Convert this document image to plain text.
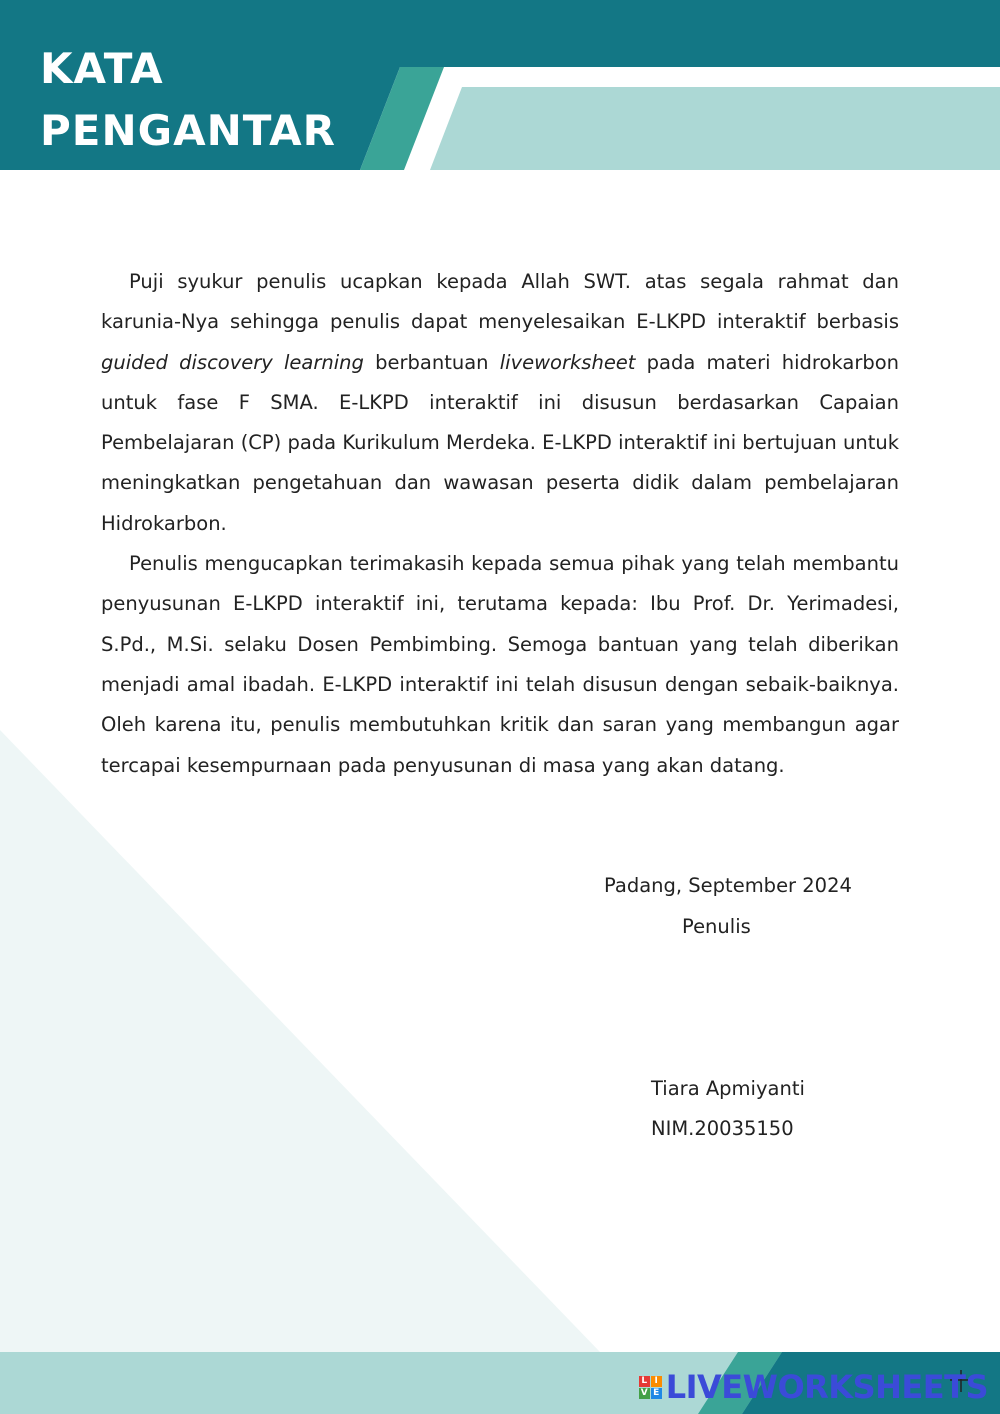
KATA
PENGANTAR

Puji syukur penulis ucapkan kepada Allah SWT. atas segala rahmat dan karunia-Nya sehingga penulis dapat menyelesaikan E-LKPD interaktif berbasis guided discovery learning berbantuan liveworksheet pada materi hidrokarbon untuk fase F SMA. E-LKPD interaktif ini disusun berdasarkan Capaian Pembelajaran (CP) pada Kurikulum Merdeka. E-LKPD interaktif ini bertujuan untuk meningkatkan pengetahuan dan wawasan peserta didik dalam pembelajaran Hidrokarbon.

Penulis mengucapkan terimakasih kepada semua pihak yang telah membantu penyusunan E-LKPD interaktif ini, terutama kepada: Ibu Prof. Dr. Yerimadesi, S.Pd., M.Si. selaku Dosen Pembimbing. Semoga bantuan yang telah diberikan menjadi amal ibadah. E-LKPD interaktif ini telah disusun dengan sebaik-baiknya. Oleh karena itu, penulis membutuhkan kritik dan saran yang membangun agar tercapai kesempurnaan pada penyusunan di masa yang akan datang.

Padang, September 2024
Penulis
Tiara Apmiyanti
NIM.20035150
L I
V E LIVEWORKSHEETS
